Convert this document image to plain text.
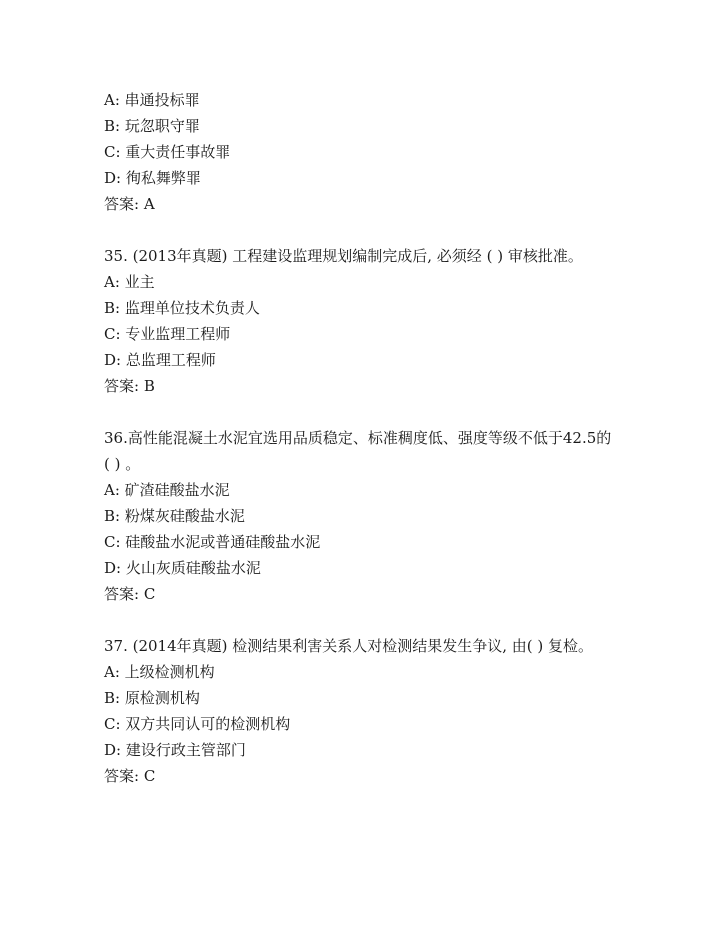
A: 串通投标罪
B: 玩忽职守罪
C: 重大责任事故罪
D: 徇私舞弊罪
答案: A
35. (2013年真题) 工程建设监理规划编制完成后, 必须经 ( ) 审核批准。
A: 业主
B: 监理单位技术负责人
C: 专业监理工程师
D: 总监理工程师
答案: B
36.高性能混凝土水泥宜选用品质稳定、标准稠度低、强度等级不低于42.5的 ( ) 。
A: 矿渣硅酸盐水泥
B: 粉煤灰硅酸盐水泥
C: 硅酸盐水泥或普通硅酸盐水泥
D: 火山灰质硅酸盐水泥
答案: C
37. (2014年真题) 检测结果利害关系人对检测结果发生争议, 由( ) 复检。
A: 上级检测机构
B: 原检测机构
C: 双方共同认可的检测机构
D: 建设行政主管部门
答案: C
